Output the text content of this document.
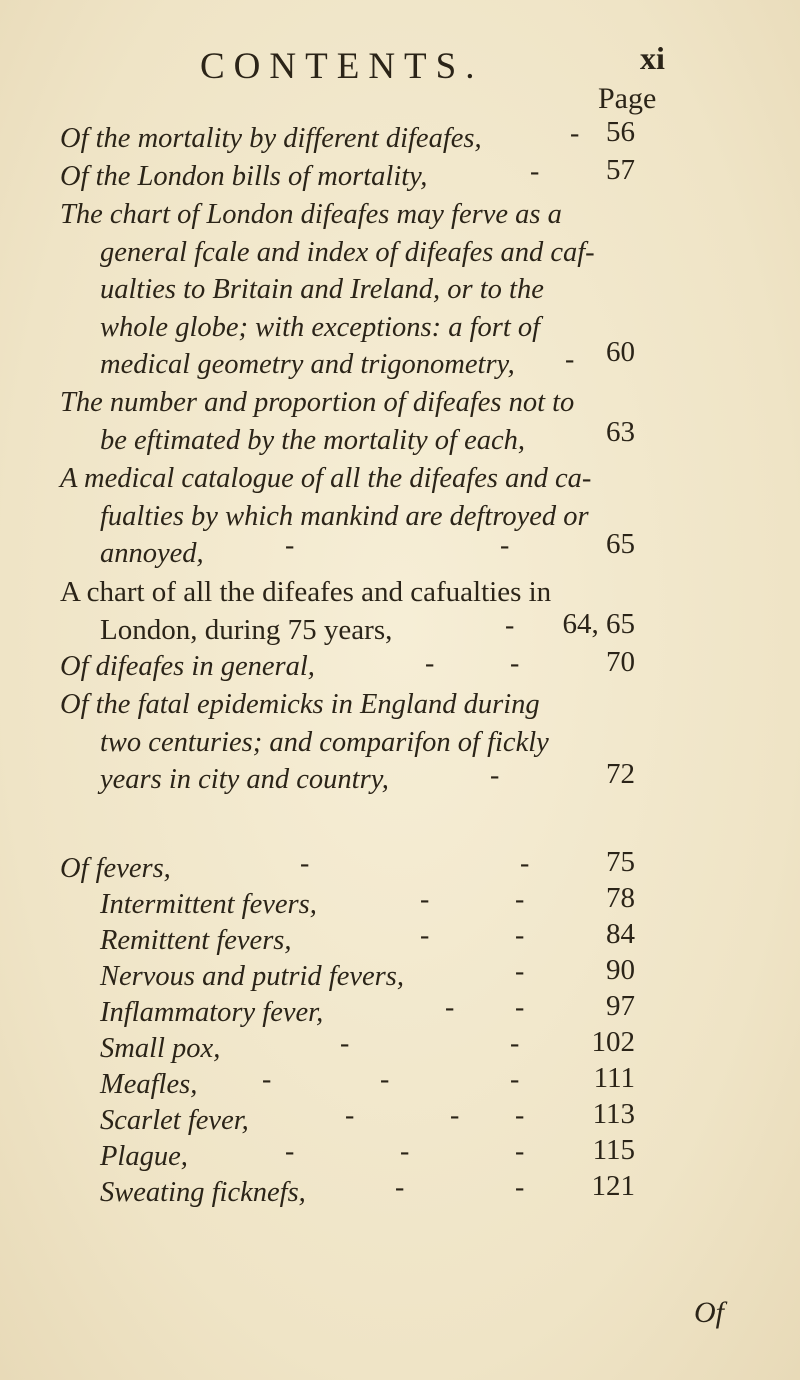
CONTENTS.	xi
Page
Of the mortality by different difeafes,	- 56
Of the London bills of mortality,	-	57
The chart of London difeafes may ferve as a
general fcale and index of difeafes and caf-
ualties to Britain and Ireland, or to the
whole globe; with exceptions: a fort of
medical geometry and trigonometry,	-	60
The number and proportion of difeafes not to
be eftimated by the mortality of each,	63
A medical catalogue of all the difeafes and ca-
fualties by which mankind are deftroyed or
annoyed,	-	-	65
A chart of all the difeafes and cafualties in
London, during 75 years,	-	64, 65
Of difeafes in general,	-	-	70
Of the fatal epidemicks in England during
two centuries; and comparifon of fickly
years in city and country,	-	72
Of fevers,	-	-	75
Intermittent fevers,	-	-	78
Remittent fevers,	-	-	84
Nervous and putrid fevers,	-	90
Inflammatory fever,	- -	97
Small pox,	-	-	102
Meafles, -	-	-	111
Scarlet fever,	-	- -	113
Plague,	-	-	-	115
Sweating ficknefs,	-	-	121
Of
